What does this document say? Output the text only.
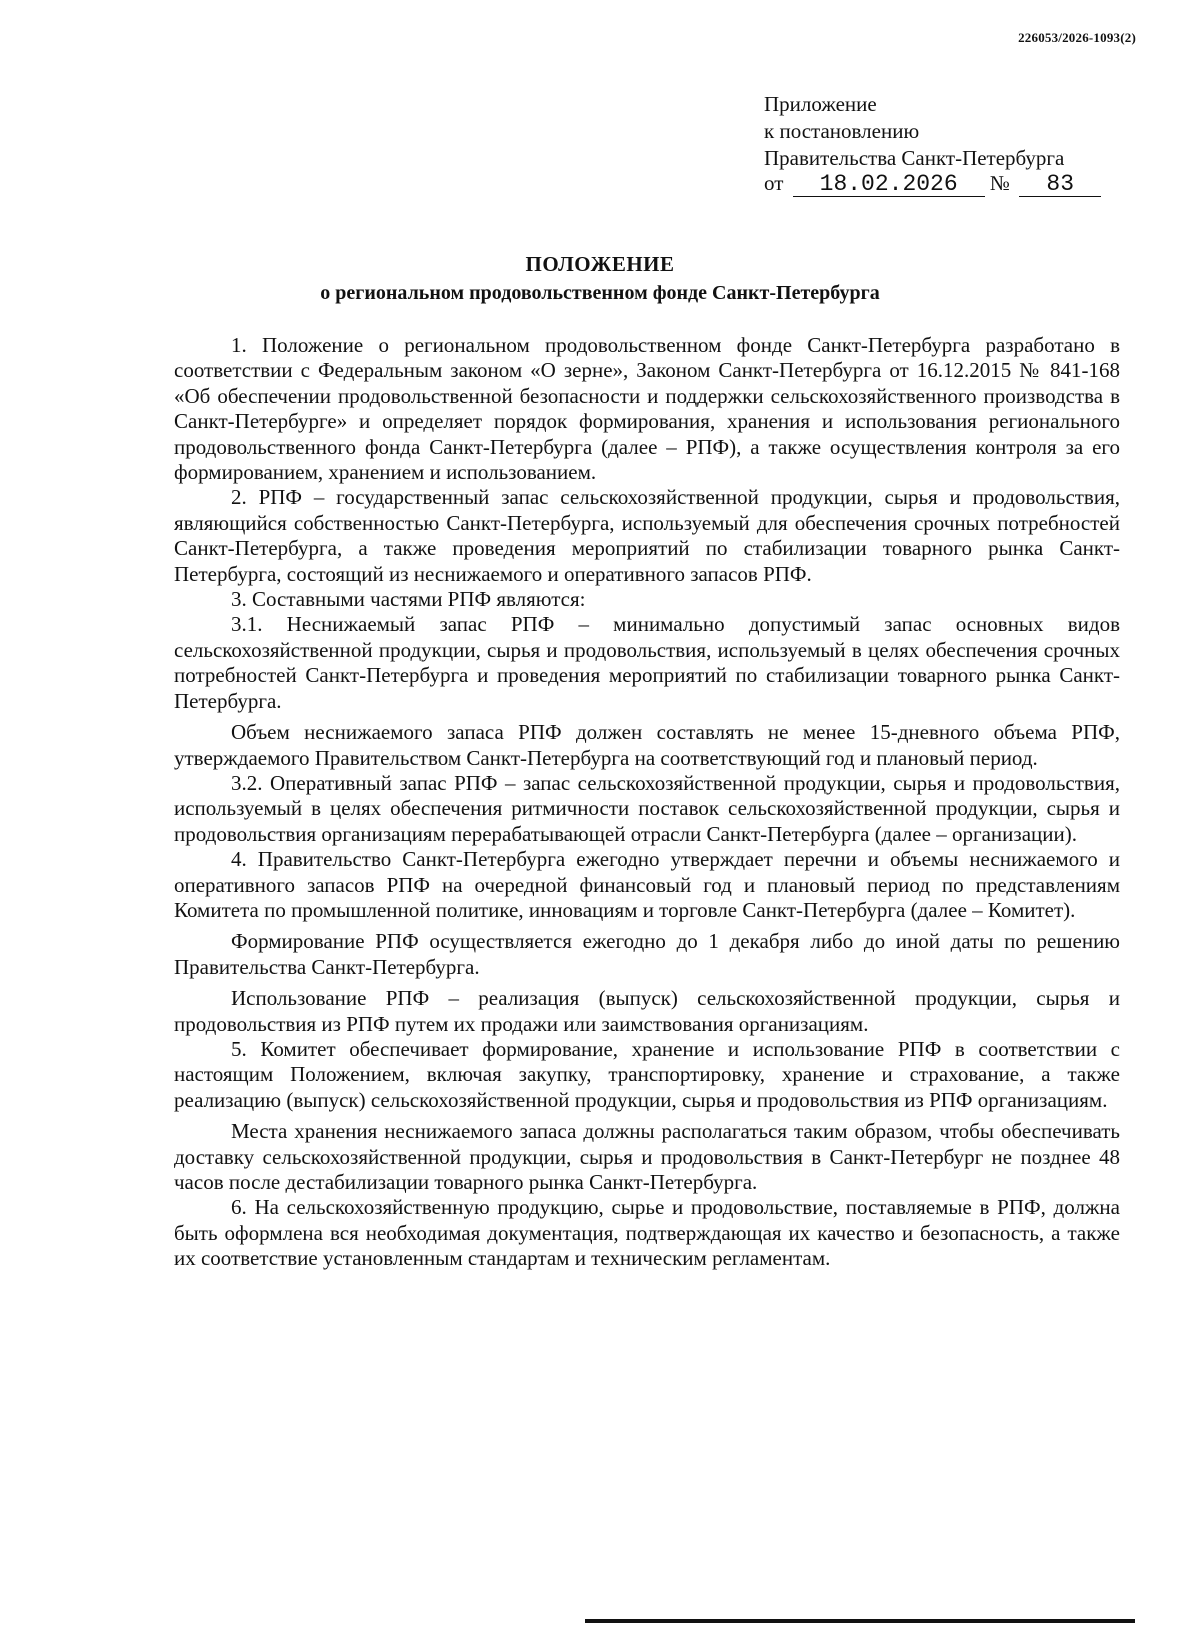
226053/2026-1093(2)
Приложение
к постановлению
Правительства Санкт-Петербурга
от 18.02.2026 № 83
ПОЛОЖЕНИЕ
о региональном продовольственном фонде Санкт-Петербурга

1. Положение о региональном продовольственном фонде Санкт-Петербурга разработано в соответствии с Федеральным законом «О зерне», Законом Санкт-Петербурга от 16.12.2015 № 841-168 «Об обеспечении продовольственной безопасности и поддержки сельскохозяйственного производства в Санкт-Петербурге» и определяет порядок формирования, хранения и использования регионального продовольственного фонда Санкт-Петербурга (далее – РПФ), а также осуществления контроля за его формированием, хранением и использованием.

2. РПФ – государственный запас сельскохозяйственной продукции, сырья и продовольствия, являющийся собственностью Санкт-Петербурга, используемый для обеспечения срочных потребностей Санкт-Петербурга, а также проведения мероприятий по стабилизации товарного рынка Санкт-Петербурга, состоящий из неснижаемого и оперативного запасов РПФ.

3. Составными частями РПФ являются:

3.1. Неснижаемый запас РПФ – минимально допустимый запас основных видов сельскохозяйственной продукции, сырья и продовольствия, используемый в целях обеспечения срочных потребностей Санкт-Петербурга и проведения мероприятий по стабилизации товарного рынка Санкт-Петербурга.

Объем неснижаемого запаса РПФ должен составлять не менее 15-дневного объема РПФ, утверждаемого Правительством Санкт-Петербурга на соответствующий год и плановый период.

3.2. Оперативный запас РПФ – запас сельскохозяйственной продукции, сырья и продовольствия, используемый в целях обеспечения ритмичности поставок сельскохозяйственной продукции, сырья и продовольствия организациям перерабатывающей отрасли Санкт-Петербурга (далее – организации).

4. Правительство Санкт-Петербурга ежегодно утверждает перечни и объемы неснижаемого и оперативного запасов РПФ на очередной финансовый год и плановый период по представлениям Комитета по промышленной политике, инновациям и торговле Санкт-Петербурга (далее – Комитет).

Формирование РПФ осуществляется ежегодно до 1 декабря либо до иной даты по решению Правительства Санкт-Петербурга.

Использование РПФ – реализация (выпуск) сельскохозяйственной продукции, сырья и продовольствия из РПФ путем их продажи или заимствования организациям.

5. Комитет обеспечивает формирование, хранение и использование РПФ в соответствии с настоящим Положением, включая закупку, транспортировку, хранение и страхование, а также реализацию (выпуск) сельскохозяйственной продукции, сырья и продовольствия из РПФ организациям.

Места хранения неснижаемого запаса должны располагаться таким образом, чтобы обеспечивать доставку сельскохозяйственной продукции, сырья и продовольствия в Санкт-Петербург не позднее 48 часов после дестабилизации товарного рынка Санкт-Петербурга.

6. На сельскохозяйственную продукцию, сырье и продовольствие, поставляемые в РПФ, должна быть оформлена вся необходимая документация, подтверждающая их качество и безопасность, а также их соответствие установленным стандартам и техническим регламентам.
